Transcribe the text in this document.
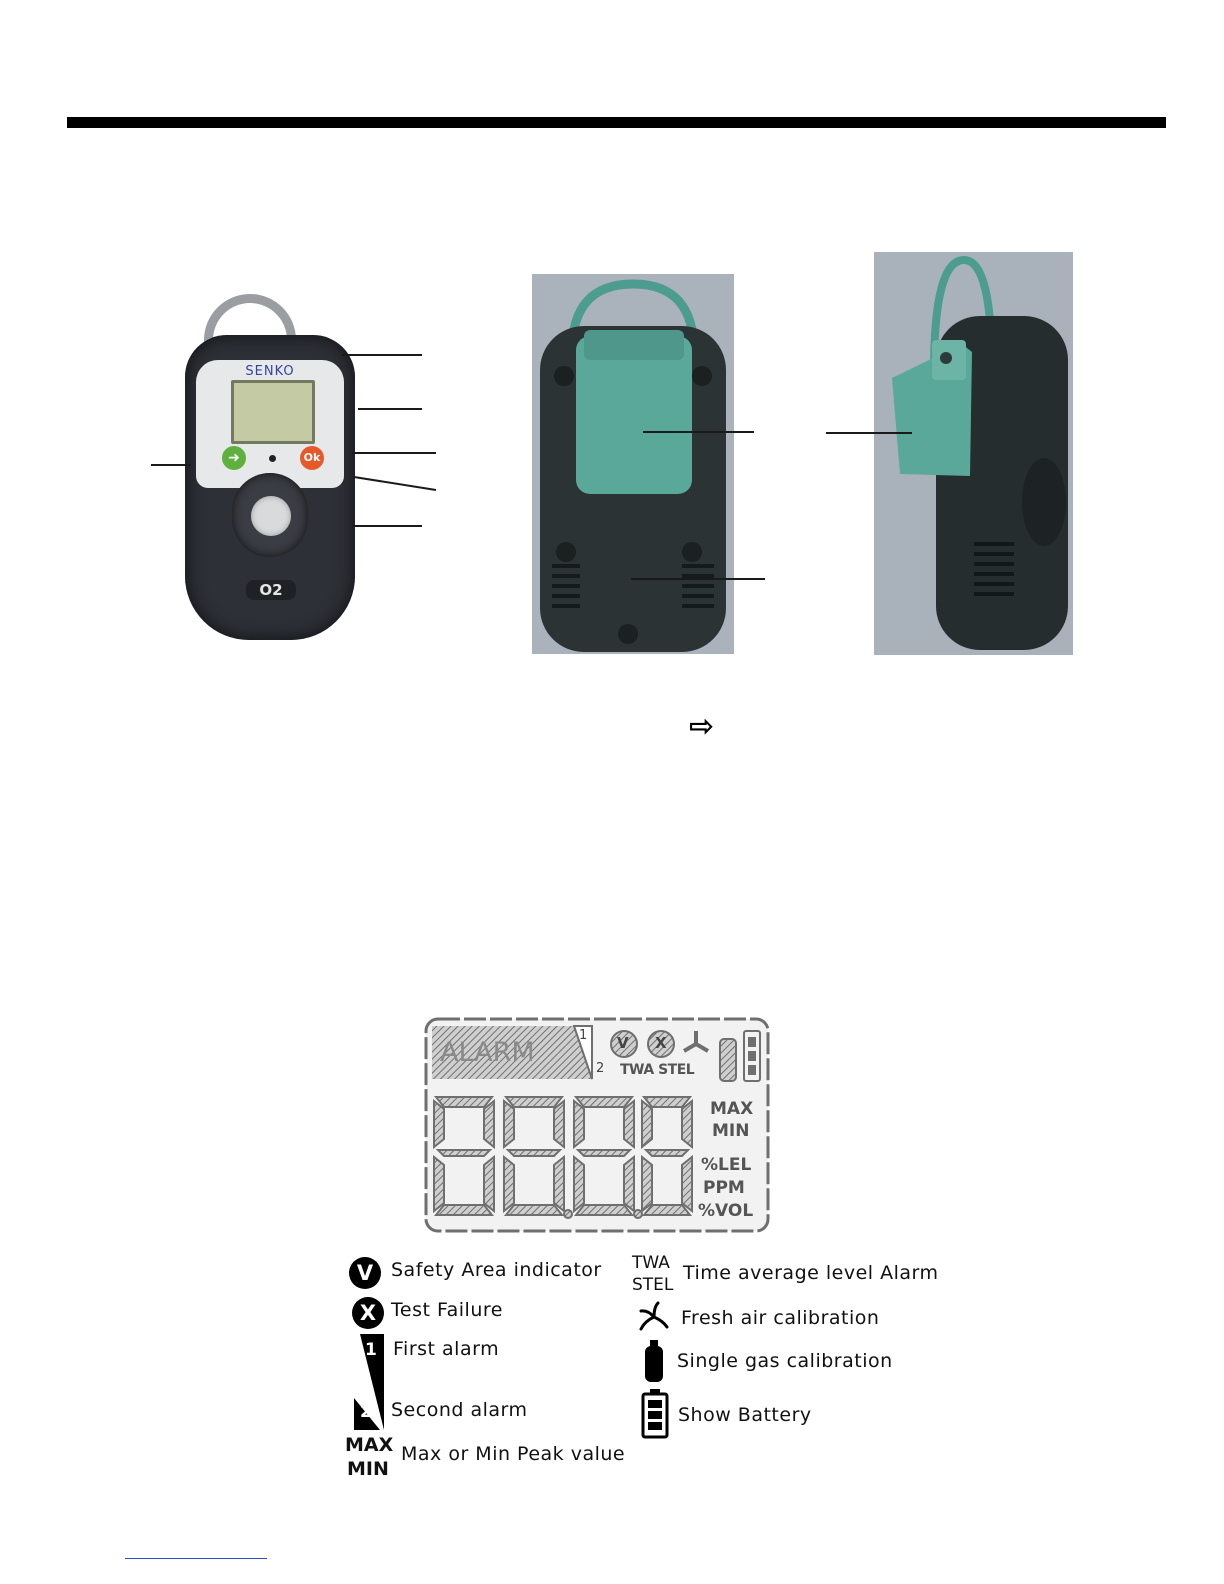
SENKO
➜	Ok
O2
⇨
ALARM
1
2
V X
TWA STEL
MAX
MIN
%LEL
PPM
%VOL
V Safety Area indicator
X Test Failure
1
2
First alarm
Second alarm
MAX
MIN
Max or Min Peak value
TWA
STEL
Time average level Alarm
Fresh air calibration
Single gas calibration
Show Battery
